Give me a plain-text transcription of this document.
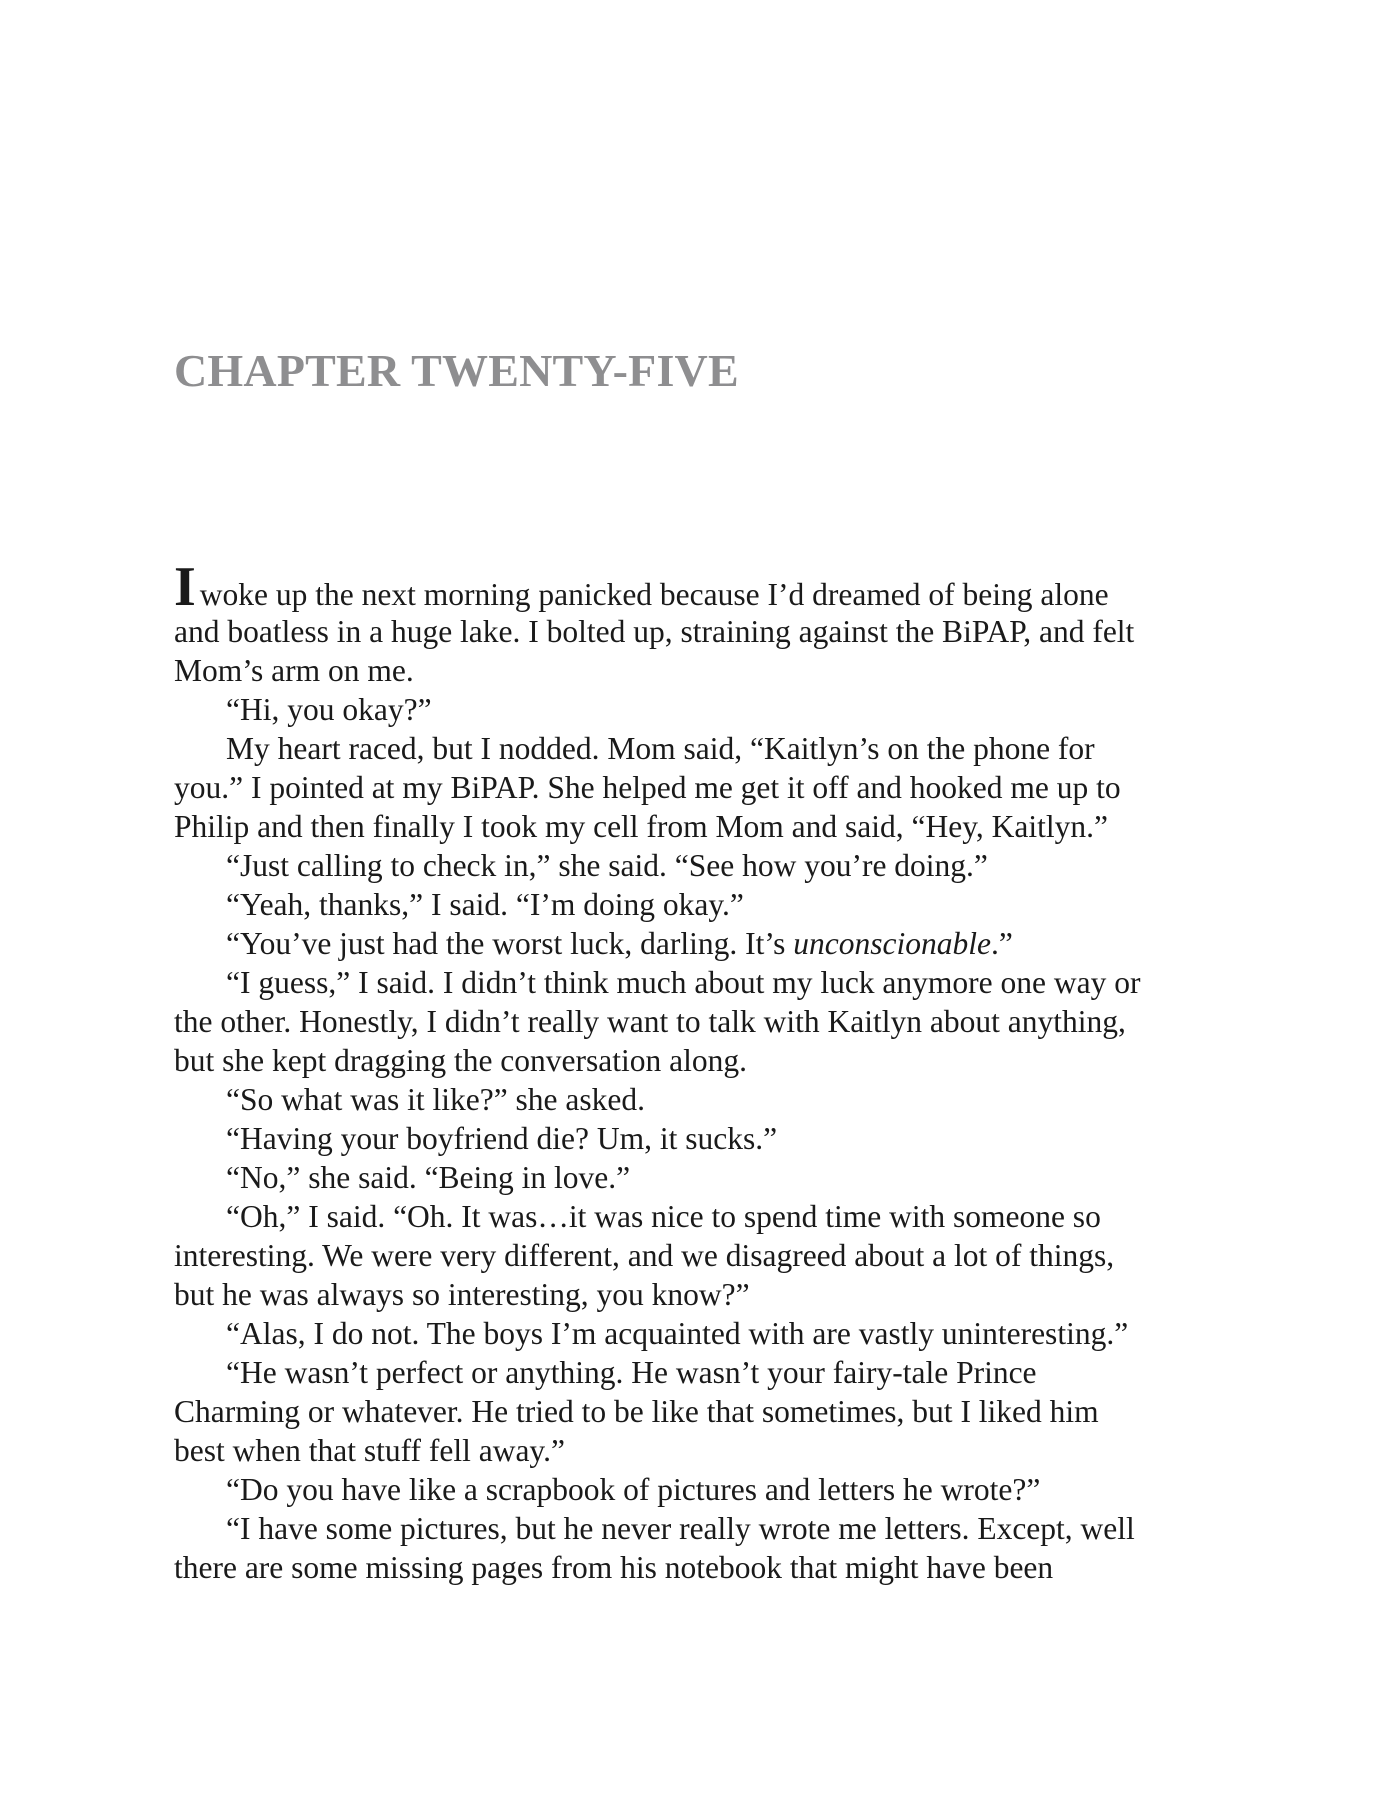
CHAPTER TWENTY-FIVE
Iwoke up the next morning panicked because I’d dreamed of being alone
and boatless in a huge lake. I bolted up, straining against the BiPAP, and felt
Mom’s arm on me.
“Hi, you okay?”
My heart raced, but I nodded. Mom said, “Kaitlyn’s on the phone for
you.” I pointed at my BiPAP. She helped me get it off and hooked me up to
Philip and then finally I took my cell from Mom and said, “Hey, Kaitlyn.”
“Just calling to check in,” she said. “See how you’re doing.”
“Yeah, thanks,” I said. “I’m doing okay.”
“You’ve just had the worst luck, darling. It’s unconscionable.”
“I guess,” I said. I didn’t think much about my luck anymore one way or
the other. Honestly, I didn’t really want to talk with Kaitlyn about anything,
but she kept dragging the conversation along.
“So what was it like?” she asked.
“Having your boyfriend die? Um, it sucks.”
“No,” she said. “Being in love.”
“Oh,” I said. “Oh. It was…it was nice to spend time with someone so
interesting. We were very different, and we disagreed about a lot of things,
but he was always so interesting, you know?”
“Alas, I do not. The boys I’m acquainted with are vastly uninteresting.”
“He wasn’t perfect or anything. He wasn’t your fairy-tale Prince
Charming or whatever. He tried to be like that sometimes, but I liked him
best when that stuff fell away.”
“Do you have like a scrapbook of pictures and letters he wrote?”
“I have some pictures, but he never really wrote me letters. Except, well
there are some missing pages from his notebook that might have been
